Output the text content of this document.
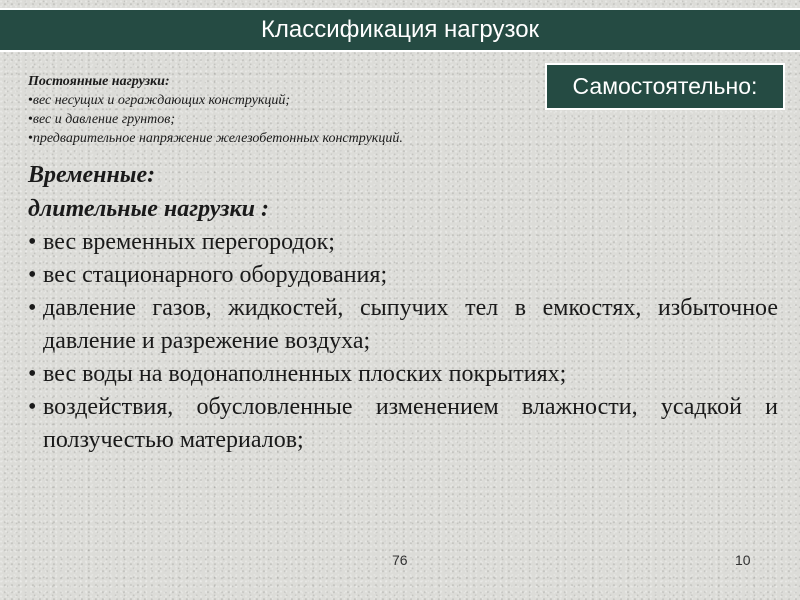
Классификация нагрузок
Самостоятельно:
Постоянные нагрузки:
• вес несущих и ограждающих конструкций;
• вес и давление грунтов;
• предварительное напряжение железобетонных конструкций.
Временные:
длительные нагрузки :
• вес временных перегородок;
• вес стационарного оборудования;
• давление газов, жидкостей, сыпучих тел в емкостях, избыточное давление и разрежение воздуха;
• вес воды на водонаполненных плоских покрытиях;
• воздействия, обусловленные изменением влажности, усадкой и ползучестью материалов;
76	10
